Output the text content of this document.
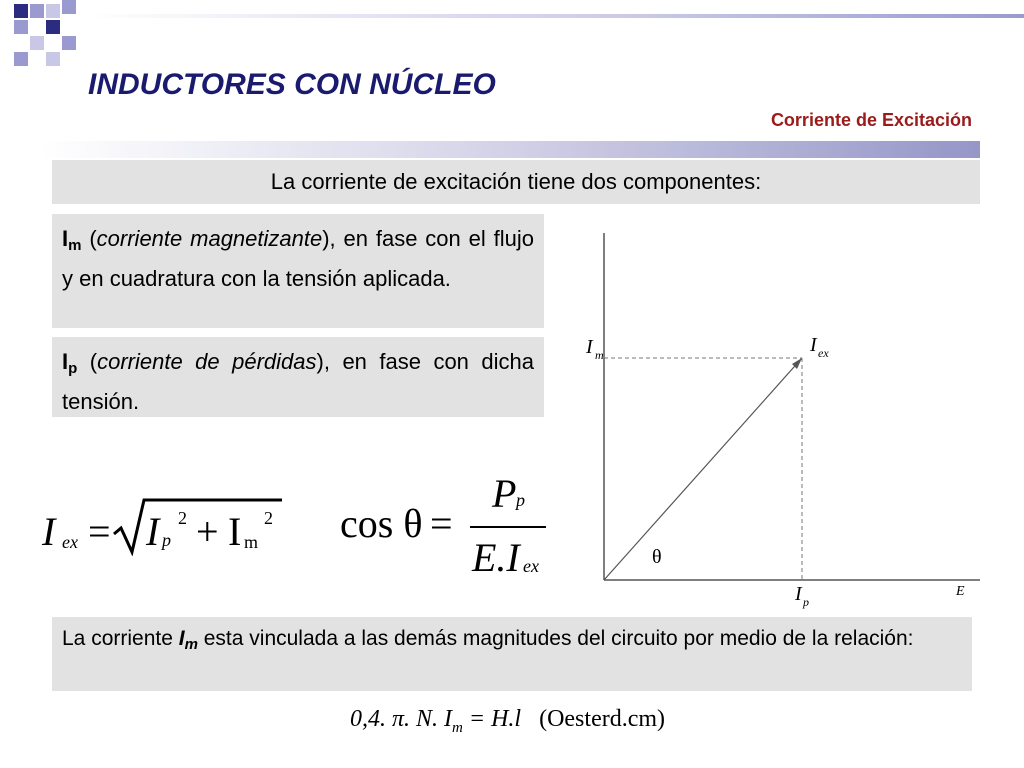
INDUCTORES CON NÚCLEO
Corriente de Excitación
La corriente de excitación tiene dos componentes:

$I_m$ (corriente magnetizante), en fase con el flujo y en cuadratura con la tensión aplicada.

$I_p$ (corriente de pérdidas), en fase con dicha tensión.

I ex = I p
2 + I m
2 cos θ =
P p
E.I ex
I m	I ex
I p
E
θ

La corriente $I_m$ esta vinculada a las demás magnitudes del circuito por medio de la relación:

0,4. π. N. $I_m = H.l$ (Oesterd.cm)
